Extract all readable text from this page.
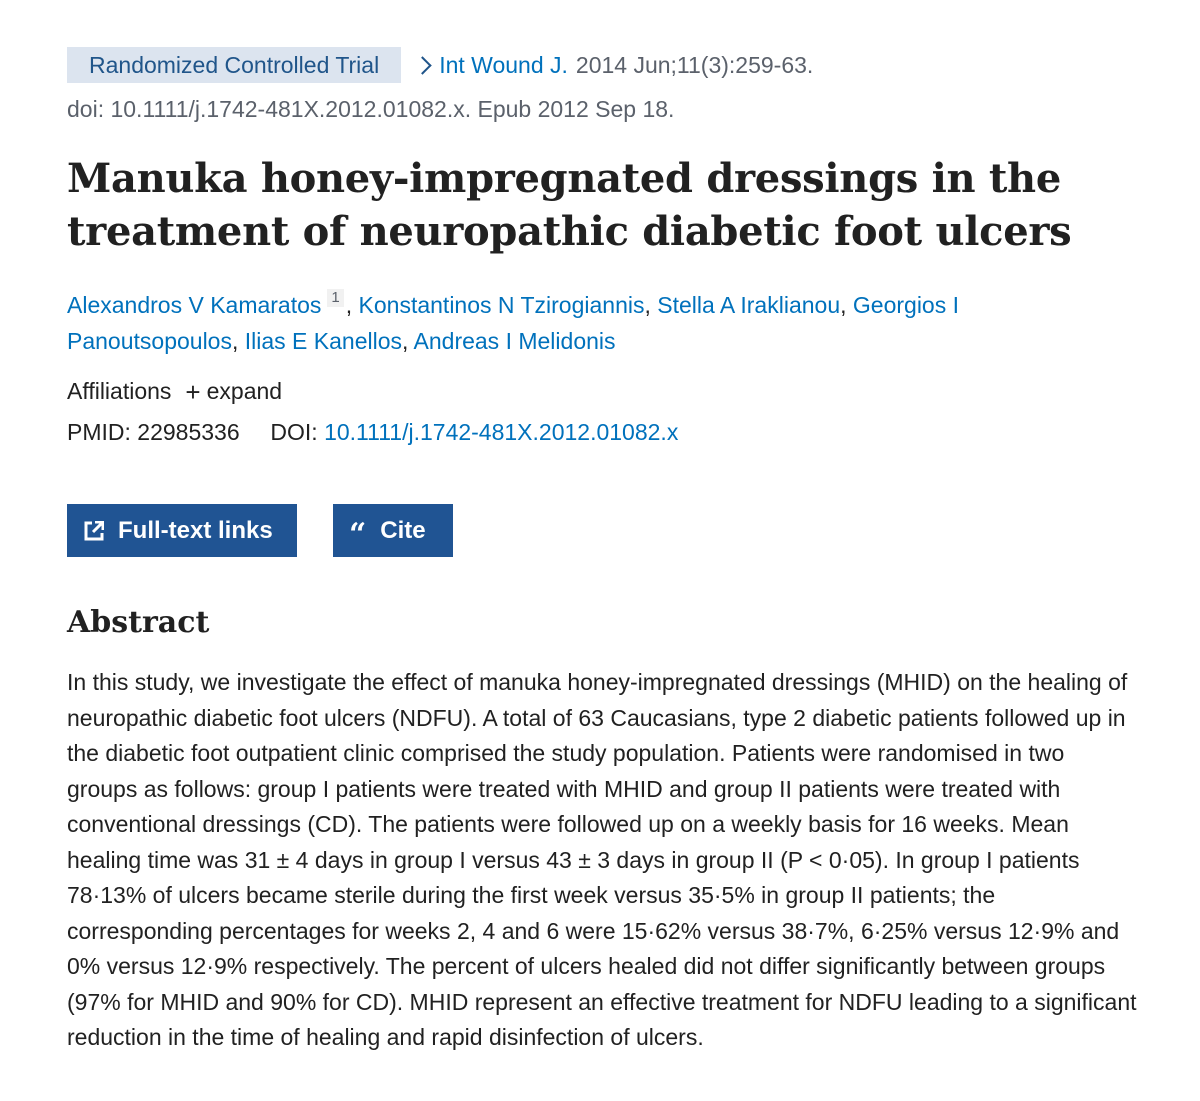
Randomized Controlled Trial	Int Wound J. 2014 Jun;11(3):259-63.
doi: 10.1111/j.1742-481X.2012.01082.x. Epub 2012 Sep 18.
Manuka honey-impregnated dressings in the treatment of neuropathic diabetic foot ulcers
Alexandros V Kamaratos 1 , Konstantinos N Tzirogiannis, Stella A Iraklianou, Georgios I Panoutsopoulos, Ilias E Kanellos, Andreas I Melidonis
Affiliations + expand
PMID: 22985336 DOI: 10.1111/j.1742-481X.2012.01082.x
Full-text links	“ Cite
Abstract

In this study, we investigate the effect of manuka honey-impregnated dressings (MHID) on the healing of neuropathic diabetic foot ulcers (NDFU). A total of 63 Caucasians, type 2 diabetic patients followed up in the diabetic foot outpatient clinic comprised the study population. Patients were randomised in two groups as follows: group I patients were treated with MHID and group II patients were treated with conventional dressings (CD). The patients were followed up on a weekly basis for 16 weeks. Mean healing time was 31 ± 4 days in group I versus 43 ± 3 days in group II (P < 0·05). In group I patients 78·13% of ulcers became sterile during the first week versus 35·5% in group II patients; the corresponding percentages for weeks 2, 4 and 6 were 15·62% versus 38·7%, 6·25% versus 12·9% and 0% versus 12·9% respectively. The percent of ulcers healed did not differ significantly between groups (97% for MHID and 90% for CD). MHID represent an effective treatment for NDFU leading to a significant reduction in the time of healing and rapid disinfection of ulcers.
